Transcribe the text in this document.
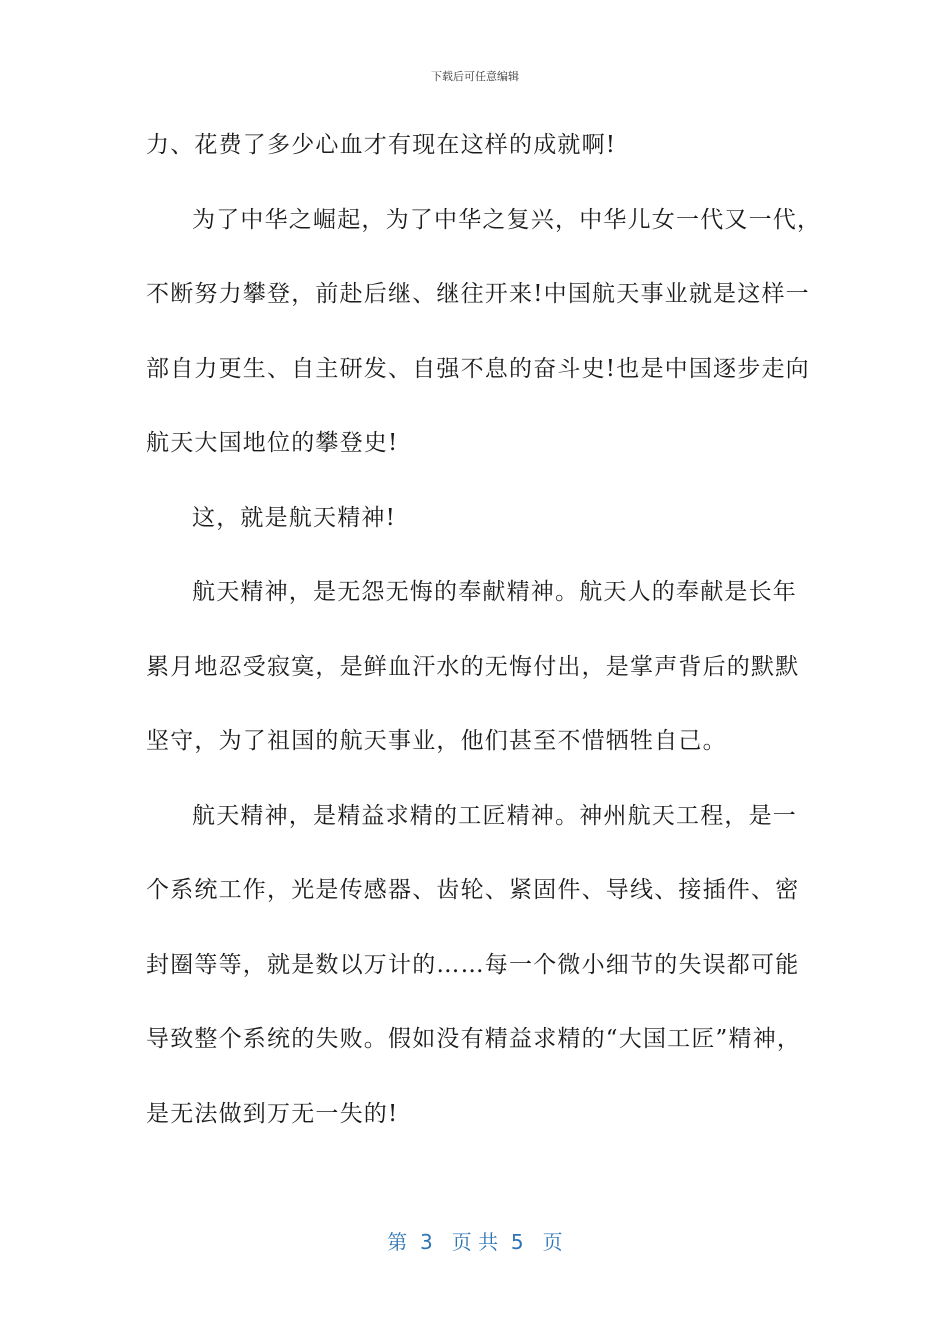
下载后可任意编辑
力、花费了多少心血才有现在这样的成就啊!
为了中华之崛起，为了中华之复兴，中华儿女一代又一代，
不断努力攀登，前赴后继、继往开来!中国航天事业就是这样一
部自力更生、自主研发、自强不息的奋斗史!也是中国逐步走向
航天大国地位的攀登史!
这，就是航天精神!
航天精神，是无怨无悔的奉献精神。航天人的奉献是长年
累月地忍受寂寞，是鲜血汗水的无悔付出，是掌声背后的默默
坚守，为了祖国的航天事业，他们甚至不惜牺牲自己。
航天精神，是精益求精的工匠精神。神州航天工程，是一
个系统工作，光是传感器、齿轮、紧固件、导线、接插件、密
封圈等等，就是数以万计的……每一个微小细节的失误都可能
导致整个系统的失败。假如没有精益求精的“大国工匠”精神，
是无法做到万无一失的!
第  3   页 共  5   页
